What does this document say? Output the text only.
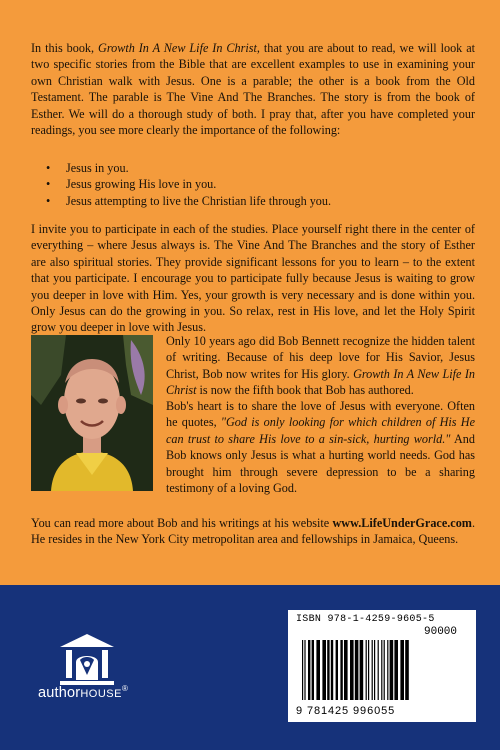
In this book, Growth In A New Life In Christ, that you are about to read, we will look at two specific stories from the Bible that are excellent examples to use in examining your own Christian walk with Jesus. One is a parable; the other is a book from the Old Testament. The parable is The Vine And The Branches. The story is from the book of Esther. We will do a thorough study of both. I pray that, after you have completed your readings, you see more clearly the importance of the following:
• Jesus in you.
• Jesus growing His love in you.
• Jesus attempting to live the Christian life through you.
I invite you to participate in each of the studies. Place yourself right there in the center of everything – where Jesus always is. The Vine And The Branches and the story of Esther are also spiritual stories. They provide significant lessons for you to learn – to the extent that you participate. I encourage you to participate fully because Jesus is waiting to grow you deeper in love with Him. Yes, your growth is very necessary and is done within you. Only Jesus can do the growing in you. So relax, rest in His love, and let the Holy Spirit grow you deeper in love with Jesus.
Only 10 years ago did Bob Bennett recognize the hidden talent of writing. Because of his deep love for His Savior, Jesus Christ, Bob now writes for His glory. Growth In A New Life In Christ is now the fifth book that Bob has authored.
Bob's heart is to share the love of Jesus with everyone. Often he quotes, "God is only looking for which children of His He can trust to share His love to a sin-sick, hurting world." And Bob knows only Jesus is what a hurting world needs. God has brought him through severe depression to be a sharing testimony of a loving God.
You can read more about Bob and his writings at his website www.LifeUnderGrace.com. He resides in the New York City metropolitan area and fellowships in Jamaica, Queens.
ISBN 978-1-4259-9605-5
90000
9 781425 996055
authorHOUSE®
